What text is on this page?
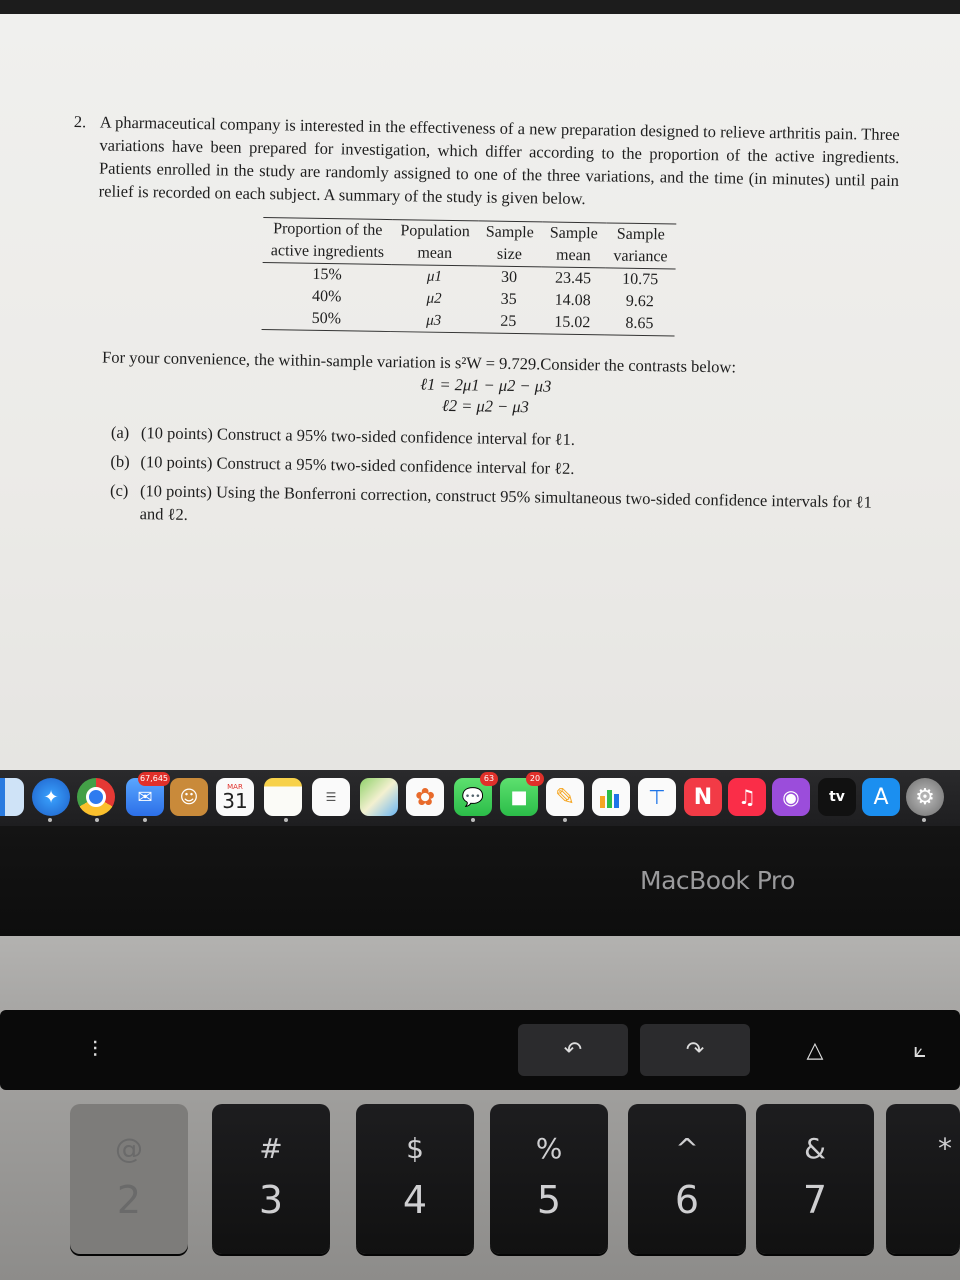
2. A pharmaceutical company is interested in the effectiveness of a new preparation designed to relieve arthritis pain. Three variations have been prepared for investigation, which differ according to the proportion of the active ingredients. Patients enrolled in the study are randomly assigned to one of the three variations, and the time (in minutes) until pain relief is recorded on each subject. A summary of the study is given below.

Proportion of the	Population	Sample	Sample	Sample
active ingredients	mean	size	mean	variance
15%	μ1	30	23.45	10.75
40%	μ2	35	14.08	9.62
50%	μ3	25	15.02	8.65
For your convenience, the within-sample variation is s²W = 9.729.Consider the contrasts below:
ℓ1 = 2μ1 − μ2 − μ3
ℓ2 = μ2 − μ3
(a) (10 points) Construct a 95% two-sided confidence interval for ℓ1.
(b) (10 points) Construct a 95% two-sided confidence interval for ℓ2.
(c) (10 points) Using the Bonferroni correction, construct 95% simultaneous two-sided confidence intervals for ℓ1 and ℓ2.
✦	✉
67,645
☺	MAR
31	☰	✿ 💬
63
■
20
✎	⊤ N ♫ ◉ tv A ⚙
MacBook Pro
⫶	↶	↷	△	⟀
@
2
#
3
$
4
%
5
^
6
&
7
*
